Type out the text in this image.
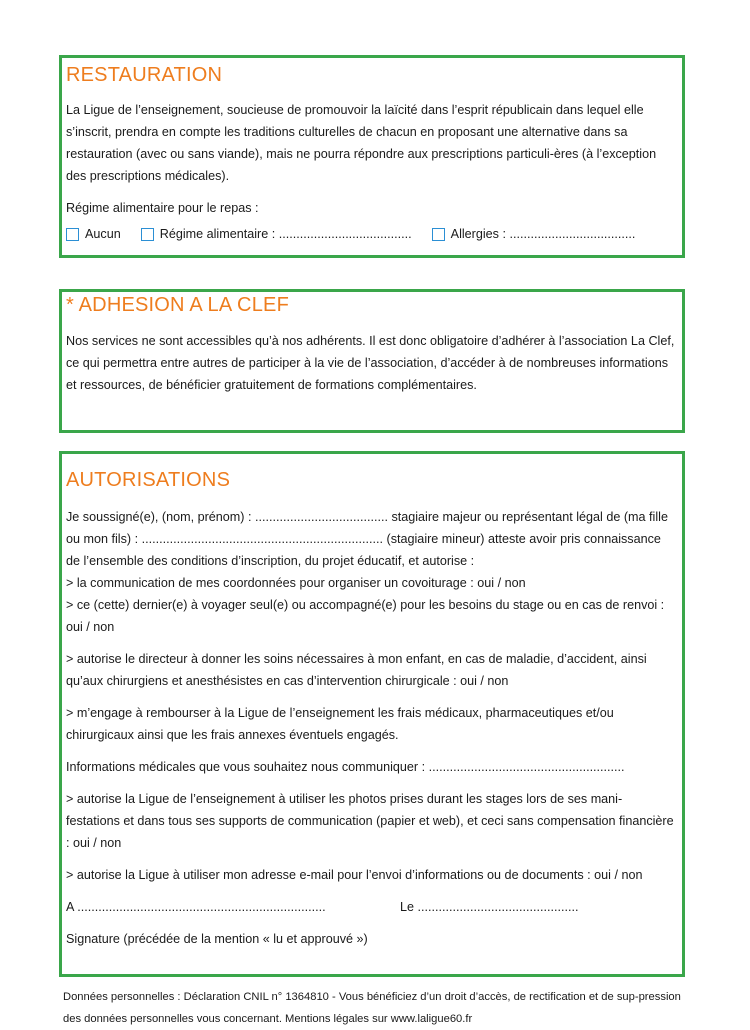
RESTAURATION

La Ligue de l’enseignement, soucieuse de promouvoir la laïcité dans l’esprit républicain dans lequel elle s’inscrit, prendra en compte les traditions culturelles de chacun en proposant une alternative dans sa restauration (avec ou sans viande), mais ne pourra répondre aux prescriptions particuli-ères (à l’exception des prescriptions médicales).

Régime alimentaire pour le repas :

Aucun	Régime alimentaire : ......................................	Allergies : ....................................
* ADHESION A LA CLEF

Nos services ne sont accessibles qu’à nos adhérents. Il est donc obligatoire d’adhérer à l’association La Clef, ce qui permettra entre autres de participer à la vie de l’association, d’accéder à de nombreuses informations et ressources, de bénéficier gratuitement de formations complémentaires.

AUTORISATIONS

Je soussigné(e), (nom, prénom) : ...................................... stagiaire majeur ou représentant légal de (ma fille ou mon fils) : ..................................................................... (stagiaire mineur) atteste avoir pris connaissance de l’ensemble des conditions d’inscription, du projet éducatif, et autorise :

> la communication de mes coordonnées pour organiser un covoiturage : oui / non

> ce (cette) dernier(e) à voyager seul(e) ou accompagné(e) pour les besoins du stage ou en cas de renvoi : oui / non

> autorise le directeur à donner les soins nécessaires à mon enfant, en cas de maladie, d’accident, ainsi qu’aux chirurgiens et anesthésistes en cas d’intervention chirurgicale : oui / non

> m’engage à rembourser à la Ligue de l’enseignement les frais médicaux, pharmaceutiques et/ou chirurgicaux ainsi que les frais annexes éventuels engagés.

Informations médicales que vous souhaitez nous communiquer : ........................................................

> autorise la Ligue de l’enseignement à utiliser les photos prises durant les stages lors de ses mani-festations et dans tous ses supports de communication (papier et web), et ceci sans compensation financière : oui / non

> autorise la Ligue à utiliser mon adresse e-mail pour l’envoi d’informations ou de documents : oui / non

A .......................................................................	Le ..............................................

Signature (précédée de la mention « lu et approuvé »)

Données personnelles : Déclaration CNIL n° 1364810 - Vous bénéficiez d’un droit d’accès, de rectification et de sup-pression des données personnelles vous concernant. Mentions légales sur www.laligue60.fr
